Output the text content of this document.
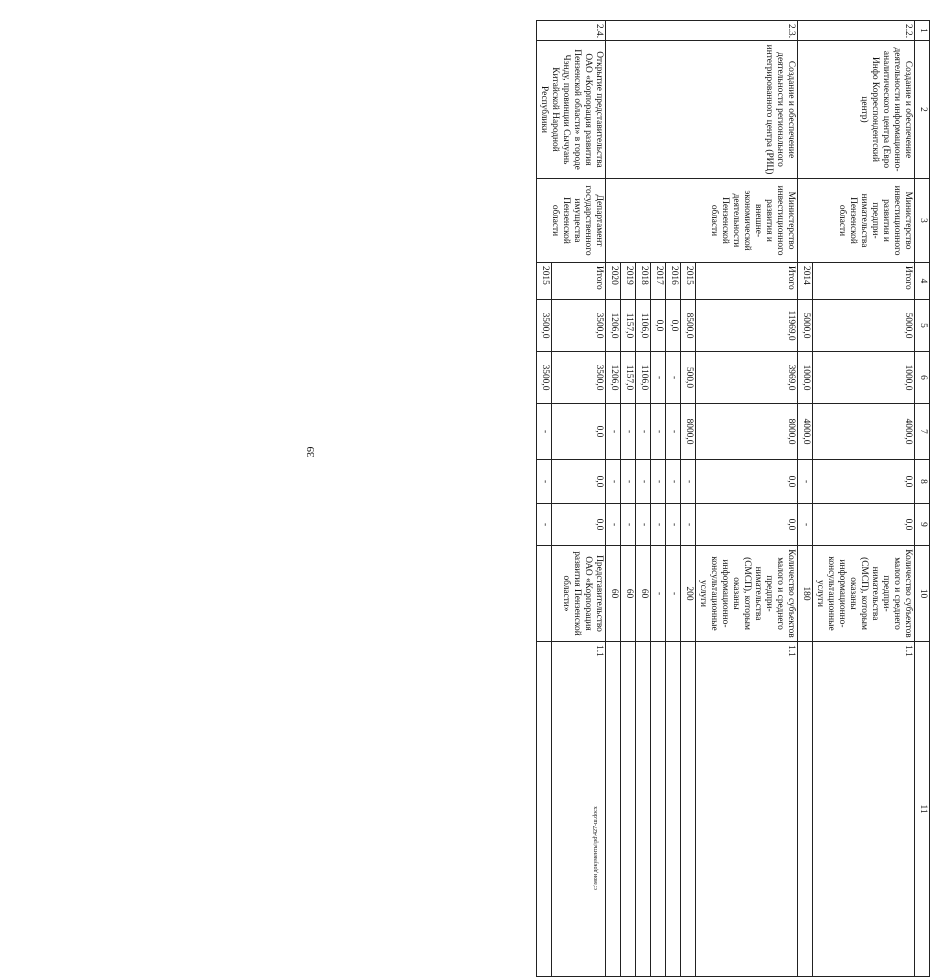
39
c:\мои документы\pd\427-ш.docx
1	2	3	4	5	6	7	8	9	10	11
2.2.	Создание и обеспечение деятельности информационно-аналитического центра (Евро Инфо Корреспондентский центр)	Министерство инвестиционного развития и предпри-нимательства Пензенской области	Итого	5000,0	1000,0	4000,0	0,0	0,0	Количество субъектов малого и среднего предпри-нимательства (СМСП), которым оказаны информационно-консультационные услуги	1.1
			2014	5000,0	1000,0	4000,0	-	-	180	
2.3.	Создание и обеспечение деятельности регионального интегрированного центра (РИЦ)	Министерство инвестиционного развития и внешне-экономической деятельности Пензенской области	Итого	11969,0	3969,0	8000,0	0,0	0,0	Количество субъектов малого и среднего предпри-нимательства (СМСП), которым оказаны информационно-консультационные услуги	1.1
			2015	8500,0	500,0	8000,0	-	-	200	
			2016	0,0	-	-	-	-	-	
			2017	0,0	-	-	-	-	-	
			2018	1106,0	1106,0	-	-	-	60	
			2019	1157,0	1157,0	-	-	-	60	
			2020	1206,0	1206,0	-	-	-	60	
2.4.	Открытие представительства ОАО «Корпорация развития Пензенской области» в городе Чэнду, провинции Сычуань Китайской Народной Республики	Департамент государственного имущества Пензенской области	Итого	3500,0	3500,0	0,0	0,0	0,0	Представительство ОАО «Корпорация развития Пензенской области»	1.1
			2015	3500,0	3500,0	-	-	-		
